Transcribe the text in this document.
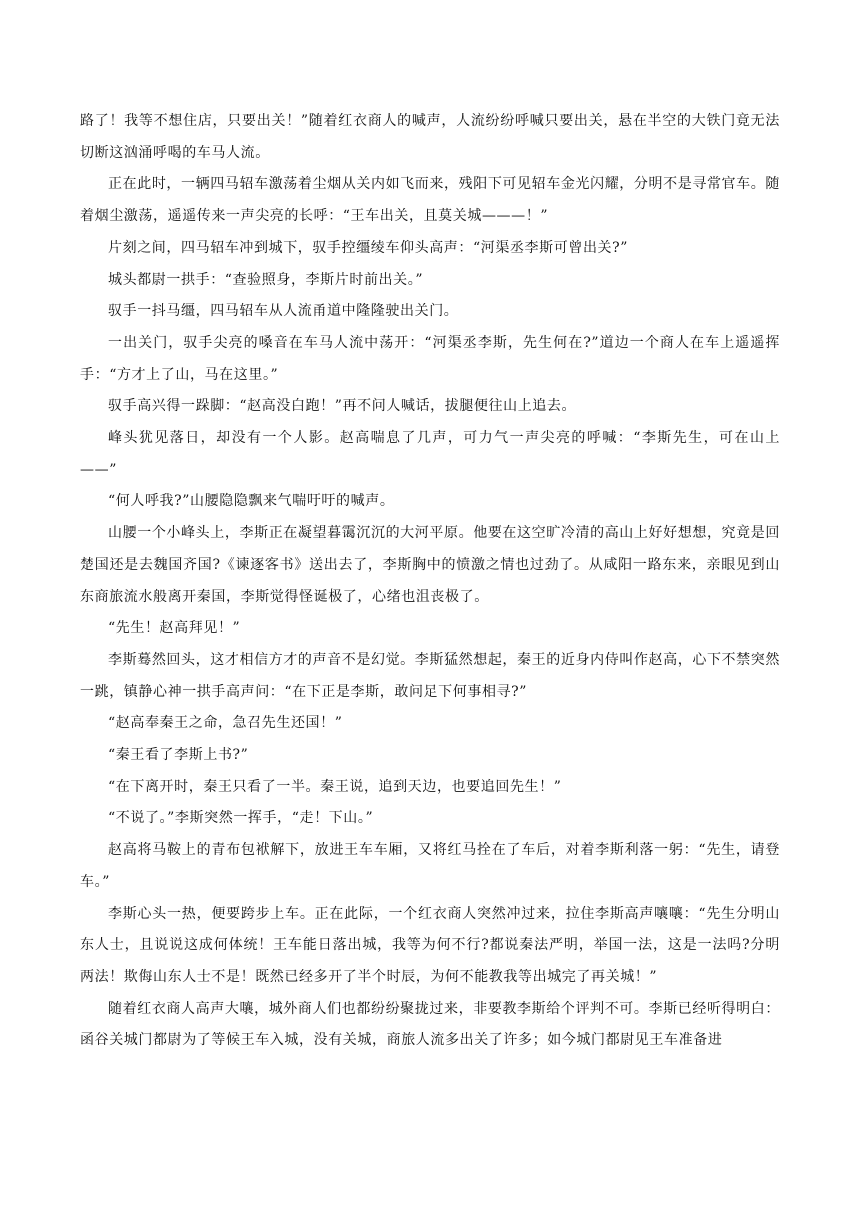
路了！我等不想住店，只要出关！”随着红衣商人的喊声，人流纷纷呼喊只要出关，悬在半空的大铁门竟无法切断这汹涌呼喝的车马人流。

正在此时，一辆四马轺车激荡着尘烟从关内如飞而来，残阳下可见轺车金光闪耀，分明不是寻常官车。随着烟尘激荡，遥遥传来一声尖亮的长呼：“王车出关，且莫关城———！”

片刻之间，四马轺车冲到城下，驭手控缰绫车仰头高声：“河渠丞李斯可曾出关?”

城头都尉一拱手：“查验照身，李斯片时前出关。”

驭手一抖马缰，四马轺车从人流甬道中隆隆驶出关门。

一出关门，驭手尖亮的嗓音在车马人流中荡开：“河渠丞李斯，先生何在?”道边一个商人在车上遥遥挥手：“方才上了山，马在这里。”

驭手高兴得一跺脚：“赵高没白跑！”再不问人喊话，拔腿便往山上追去。

峰头犹见落日，却没有一个人影。赵高喘息了几声，可力气一声尖亮的呼喊：“李斯先生，可在山上——”

“何人呼我?”山腰隐隐飘来气喘吁吁的喊声。

山腰一个小峰头上，李斯正在凝望暮霭沉沉的大河平原。他要在这空旷冷清的高山上好好想想，究竟是回楚国还是去魏国齐国?《谏逐客书》送出去了，李斯胸中的愤激之情也过劲了。从咸阳一路东来，亲眼见到山东商旅流水般离开秦国，李斯觉得怪诞极了，心绪也沮丧极了。

“先生！赵高拜见！”

李斯蓦然回头，这才相信方才的声音不是幻觉。李斯猛然想起，秦王的近身内侍叫作赵高，心下不禁突然一跳，镇静心神一拱手高声问：“在下正是李斯，敢问足下何事相寻?”

“赵高奉秦王之命，急召先生还国！”

“秦王看了李斯上书?”

“在下离开时，秦王只看了一半。秦王说，追到天边，也要追回先生！”

“不说了。”李斯突然一挥手，“走！下山。”

赵高将马鞍上的青布包袱解下，放进王车车厢，又将红马拴在了车后，对着李斯利落一躬：“先生，请登车。”

李斯心头一热，便要跨步上车。正在此际，一个红衣商人突然冲过来，拉住李斯高声嚷嚷：“先生分明山东人士，且说说这成何体统！王车能日落出城，我等为何不行?都说秦法严明，举国一法，这是一法吗?分明两法！欺侮山东人士不是！既然已经多开了半个时辰，为何不能教我等出城完了再关城！”

随着红衣商人高声大嚷，城外商人们也都纷纷聚拢过来，非要教李斯给个评判不可。李斯已经听得明白：函谷关城门都尉为了等候王车入城，没有关城，商旅人流多出关了许多；如今城门都尉见王车准备进
